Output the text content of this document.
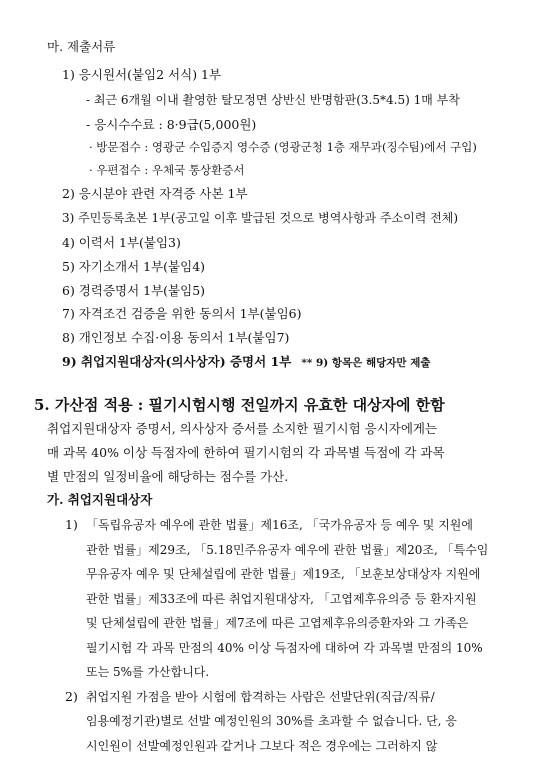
마. 제출서류
1) 응시원서(붙임2 서식) 1부
- 최근 6개월 이내 촬영한 탈모정면 상반신 반명함판(3.5*4.5) 1매 부착
- 응시수수료 : 8·9급(5,000원)
· 방문접수 : 영광군 수입증지 영수증 (영광군청 1층 재무과(징수팀)에서 구입)
· 우편접수 : 우체국 통상환증서
2) 응시분야 관련 자격증 사본 1부
3) 주민등록초본 1부(공고일 이후 발급된 것으로 병역사항과 주소이력 전체)
4) 이력서 1부(붙임3)
5) 자기소개서 1부(붙임4)
6) 경력증명서 1부(붙임5)
7) 자격조건 검증을 위한 동의서 1부(붙임6)
8) 개인정보 수집·이용 동의서 1부(붙임7)
9) 취업지원대상자(의사상자) 증명서 1부 ** 9) 항목은 해당자만 제출
5. 가산점 적용 : 필기시험시행 전일까지 유효한 대상자에 한함
취업지원대상자 증명서, 의사상자 증서를 소지한 필기시험 응시자에게는
매 과목 40% 이상 득점자에 한하여 필기시험의 각 과목별 득점에 각 과목
별 만점의 일정비율에 해당하는 점수를 가산.
가. 취업지원대상자
1) 「독립유공자 예우에 관한 법률」제16조, 「국가유공자 등 예우 및 지원에
관한 법률」제29조, 「5.18민주유공자 예우에 관한 법률」제20조, 「특수임
무유공자 예우 및 단체설립에 관한 법률」제19조, 「보훈보상대상자 지원에
관한 법률」제33조에 따른 취업지원대상자, 「고엽제후유의증 등 환자지원
및 단체설립에 관한 법률」제7조에 따른 고엽제후유의증환자와 그 가족은
필기시험 각 과목 만점의 40% 이상 득점자에 대하여 각 과목별 만점의 10%
또는 5%를 가산합니다.
2) 취업지원 가점을 받아 시험에 합격하는 사람은 선발단위(직급/직류/
임용예정기관)별로 선발 예정인원의 30%를 초과할 수 없습니다. 단, 응
시인원이 선발예정인원과 같거나 그보다 적은 경우에는 그러하지 않
